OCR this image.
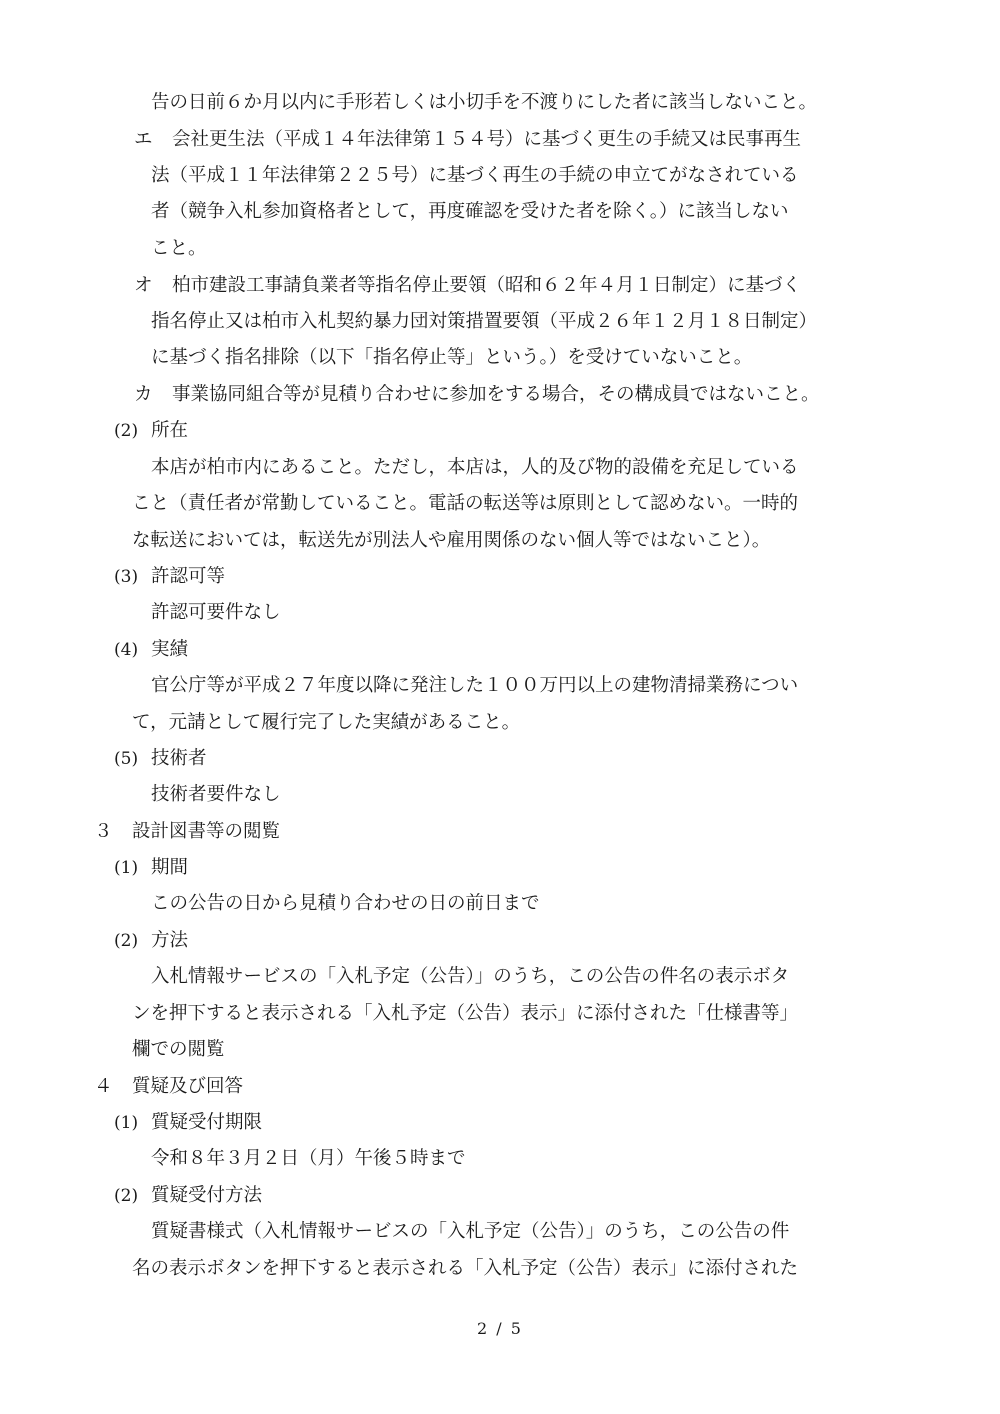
告の日前６か月以内に手形若しくは小切手を不渡りにした者に該当しないこと。
エ 会社更生法（平成１４年法律第１５４号）に基づく更生の手続又は民事再生
法（平成１１年法律第２２５号）に基づく再生の手続の申立てがなされている
者（競争入札参加資格者として，再度確認を受けた者を除く。）に該当しない
こと。
オ 柏市建設工事請負業者等指名停止要領（昭和６２年４月１日制定）に基づく
指名停止又は柏市入札契約暴力団対策措置要領（平成２６年１２月１８日制定）
に基づく指名排除（以下「指名停止等」という。）を受けていないこと。
カ 事業協同組合等が見積り合わせに参加をする場合，その構成員ではないこと。
(2) 所在
本店が柏市内にあること。ただし，本店は，人的及び物的設備を充足している
こと（責任者が常勤していること。電話の転送等は原則として認めない。一時的
な転送においては，転送先が別法人や雇用関係のない個人等ではないこと）。
(3) 許認可等
許認可要件なし
(4) 実績
官公庁等が平成２７年度以降に発注した１００万円以上の建物清掃業務につい
て，元請として履行完了した実績があること。
(5) 技術者
技術者要件なし
３ 設計図書等の閲覧
(1) 期間
この公告の日から見積り合わせの日の前日まで
(2) 方法
入札情報サービスの「入札予定（公告）」のうち，この公告の件名の表示ボタ
ンを押下すると表示される「入札予定（公告）表示」に添付された「仕様書等」
欄での閲覧
４ 質疑及び回答
(1) 質疑受付期限
令和８年３月２日（月）午後５時まで
(2) 質疑受付方法
質疑書様式（入札情報サービスの「入札予定（公告）」のうち，この公告の件
名の表示ボタンを押下すると表示される「入札予定（公告）表示」に添付された
2 / 5
